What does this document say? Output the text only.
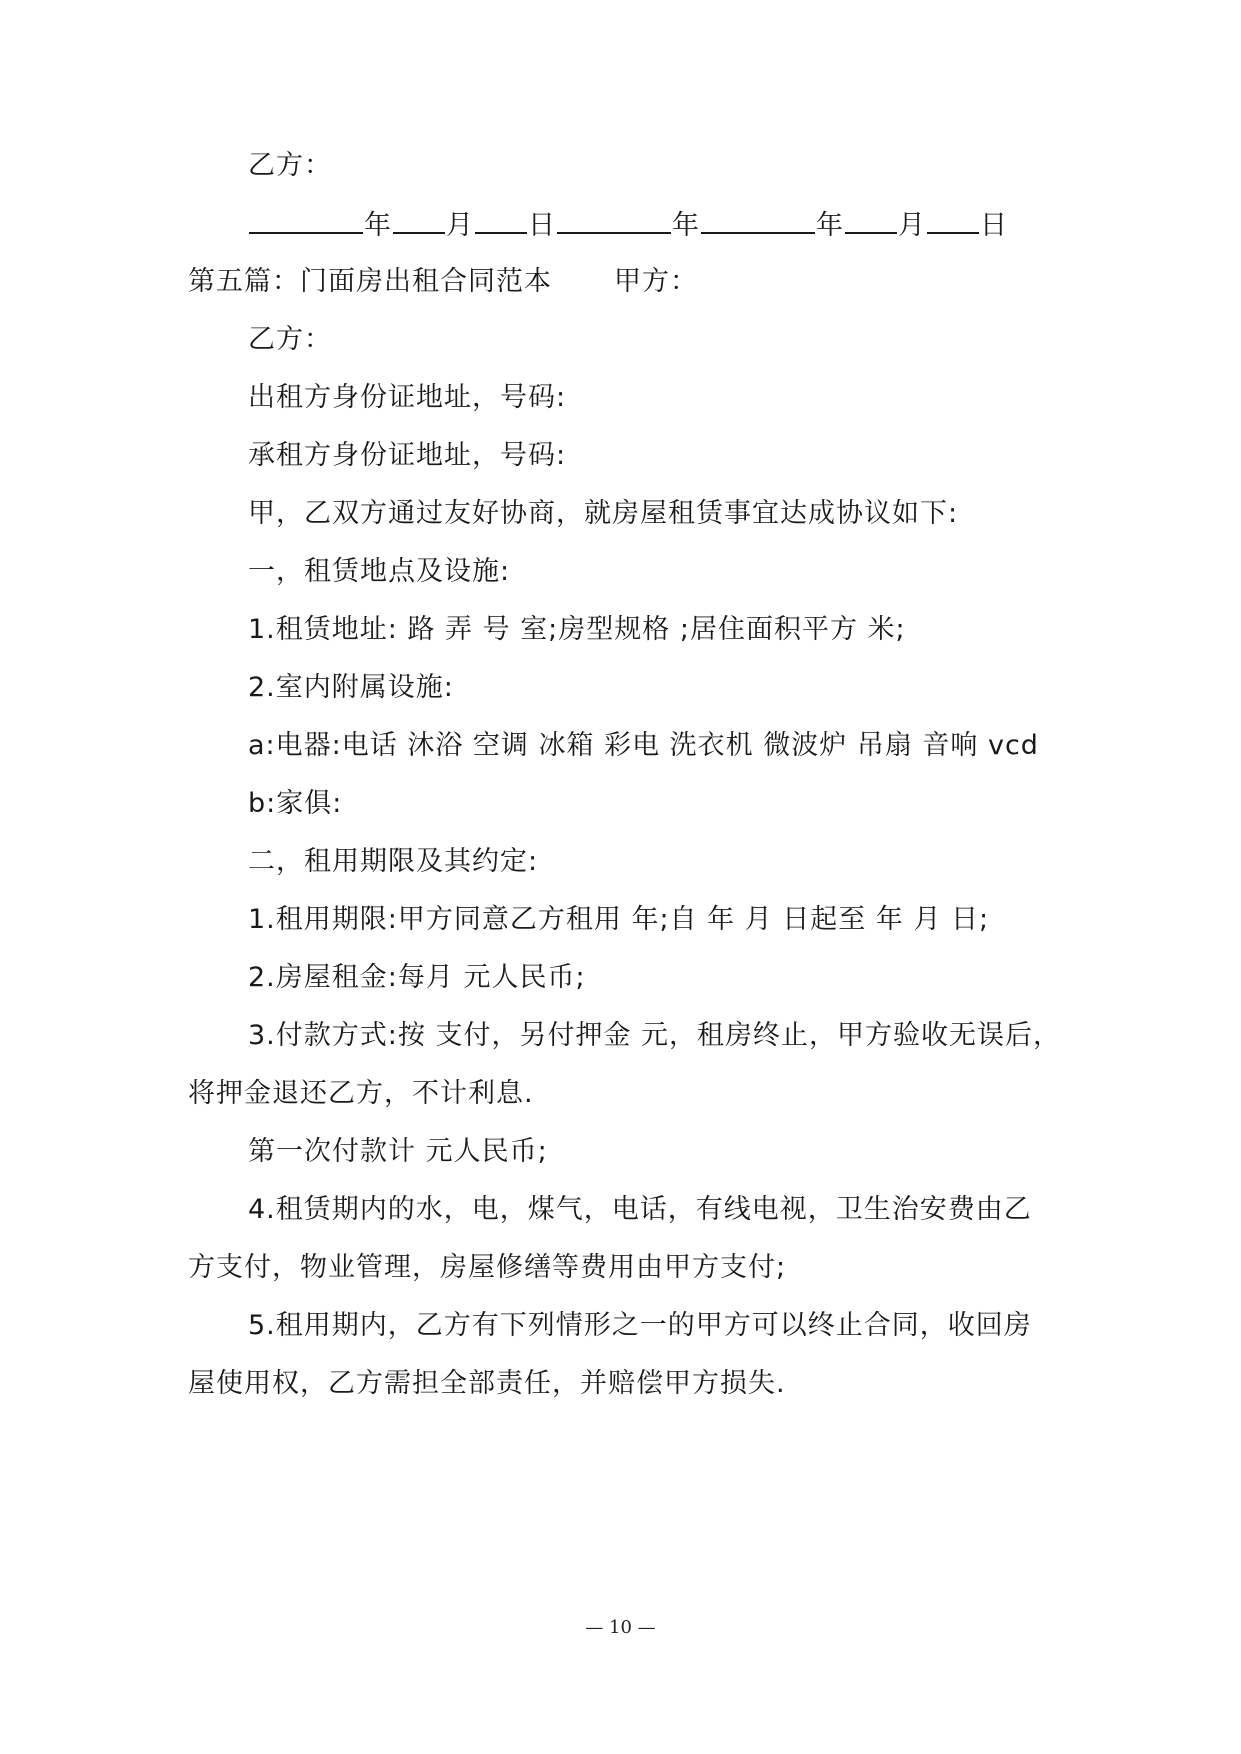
乙方：
年 月 日	年	年 月 日
第五篇：门面房出租合同范本 甲方：
乙方：
出租方身份证地址，号码:
承租方身份证地址，号码:
甲，乙双方通过友好协商，就房屋租赁事宜达成协议如下:
一，租赁地点及设施:
1.租赁地址: 路 弄 号 室;房型规格 ;居住面积平方 米;
2.室内附属设施:
a:电器:电话 沐浴 空调 冰箱 彩电 洗衣机 微波炉 吊扇 音响 vcd
b:家俱:
二，租用期限及其约定:
1.租用期限:甲方同意乙方租用 年;自 年 月 日起至 年 月 日;
2.房屋租金:每月 元人民币;
3.付款方式:按 支付，另付押金 元，租房终止，甲方验收无误后，
将押金退还乙方，不计利息.
第一次付款计 元人民币;
4.租赁期内的水，电，煤气，电话，有线电视，卫生治安费由乙
方支付，物业管理，房屋修缮等费用由甲方支付;
5.租用期内，乙方有下列情形之一的甲方可以终止合同，收回房
屋使用权，乙方需担全部责任，并赔偿甲方损失.
— 10 —
